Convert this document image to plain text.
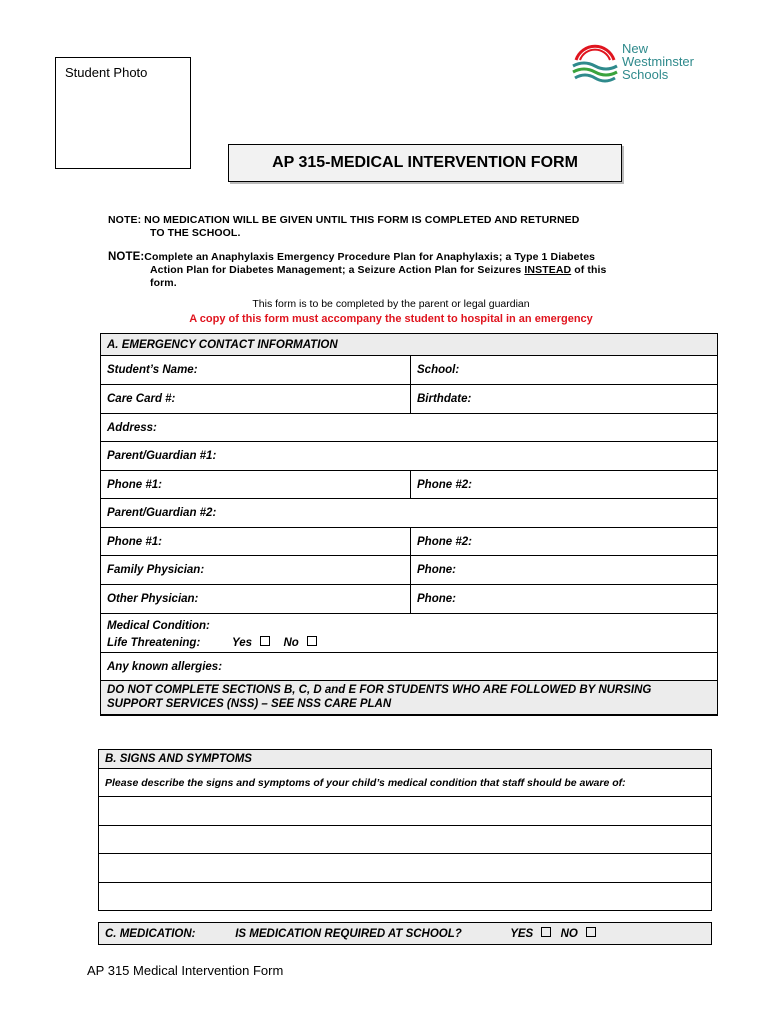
Student Photo
New
Westminster
Schools
AP 315-MEDICAL INTERVENTION FORM
NOTE: NO MEDICATION WILL BE GIVEN UNTIL THIS FORM IS COMPLETED AND RETURNED
TO THE SCHOOL.
NOTE:Complete an Anaphylaxis Emergency Procedure Plan for Anaphylaxis; a Type 1 Diabetes
Action Plan for Diabetes Management; a Seizure Action Plan for Seizures INSTEAD of this
form.
This form is to be completed by the parent or legal guardian
A copy of this form must accompany the student to hospital in an emergency
A. EMERGENCY CONTACT INFORMATION	
Student’s Name:	School:
Care Card #:	Birthdate:
Address:	
Parent/Guardian #1:	
Phone #1:	Phone #2:
Parent/Guardian #2:	
Phone #1:	Phone #2:
Family Physician:	Phone:
Other Physician:	Phone:

Medical Condition:
Life Threatening: Yes No	

Any known allergies:	

DO NOT COMPLETE SECTIONS B, C, D and E FOR STUDENTS WHO ARE FOLLOWED BY NURSING
SUPPORT SERVICES (NSS) – SEE NSS CARE PLAN	
B. SIGNS AND SYMPTOMS
Please describe the signs and symptoms of your child’s medical condition that staff should be aware of:

C. MEDICATION:	IS MEDICATION REQUIRED AT SCHOOL?	YES NO
AP 315 Medical Intervention Form
